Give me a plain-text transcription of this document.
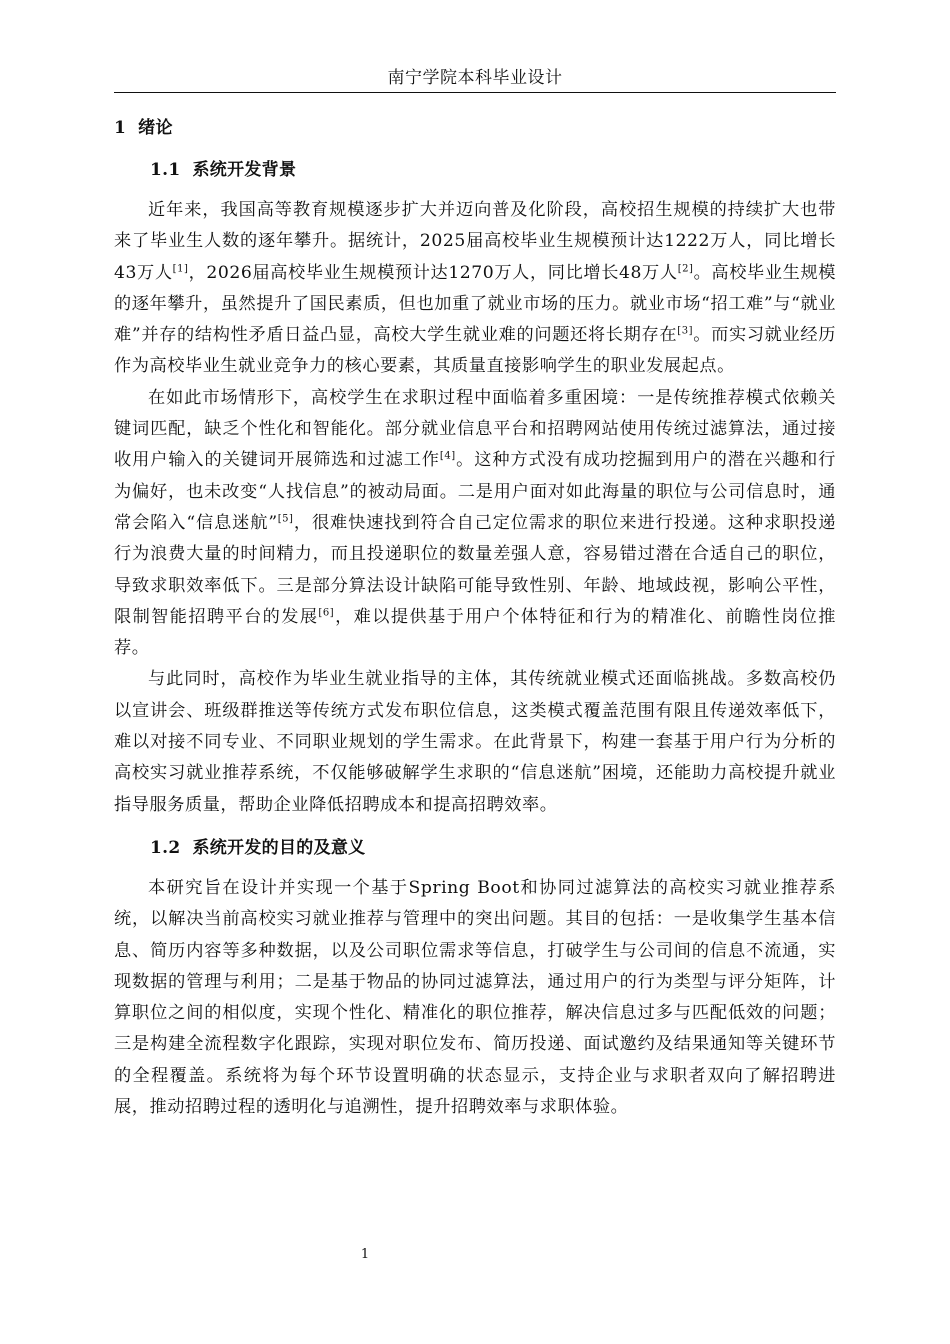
南宁学院本科毕业设计
1 绪论
1.1 系统开发背景

近年来，我国高等教育规模逐步扩大并迈向普及化阶段，高校招生规模的持续扩大也带来了毕业生人数的逐年攀升。据统计，2025届高校毕业生规模预计达1222万人，同比增长43万人[1]，2026届高校毕业生规模预计达1270万人，同比增长48万人[2]。高校毕业生规模的逐年攀升，虽然提升了国民素质，但也加重了就业市场的压力。就业市场“招工难”与“就业难”并存的结构性矛盾日益凸显，高校大学生就业难的问题还将长期存在[3]。而实习就业经历作为高校毕业生就业竞争力的核心要素，其质量直接影响学生的职业发展起点。

在如此市场情形下，高校学生在求职过程中面临着多重困境：一是传统推荐模式依赖关键词匹配，缺乏个性化和智能化。部分就业信息平台和招聘网站使用传统过滤算法，通过接收用户输入的关键词开展筛选和过滤工作[4]。这种方式没有成功挖掘到用户的潜在兴趣和行为偏好，也未改变“人找信息”的被动局面。二是用户面对如此海量的职位与公司信息时，通常会陷入“信息迷航”[5]，很难快速找到符合自己定位需求的职位来进行投递。这种求职投递行为浪费大量的时间精力，而且投递职位的数量差强人意，容易错过潜在合适自己的职位，导致求职效率低下。三是部分算法设计缺陷可能导致性别、年龄、地域歧视，影响公平性，限制智能招聘平台的发展[6]，难以提供基于用户个体特征和行为的精准化、前瞻性岗位推荐。

与此同时，高校作为毕业生就业指导的主体，其传统就业模式还面临挑战。多数高校仍以宣讲会、班级群推送等传统方式发布职位信息，这类模式覆盖范围有限且传递效率低下，难以对接不同专业、不同职业规划的学生需求。在此背景下，构建一套基于用户行为分析的高校实习就业推荐系统，不仅能够破解学生求职的“信息迷航”困境，还能助力高校提升就业指导服务质量，帮助企业降低招聘成本和提高招聘效率。

1.2 系统开发的目的及意义

本研究旨在设计并实现一个基于Spring Boot和协同过滤算法的高校实习就业推荐系统，以解决当前高校实习就业推荐与管理中的突出问题。其目的包括：一是收集学生基本信息、简历内容等多种数据，以及公司职位需求等信息，打破学生与公司间的信息不流通，实现数据的管理与利用；二是基于物品的协同过滤算法，通过用户的行为类型与评分矩阵，计算职位之间的相似度，实现个性化、精准化的职位推荐，解决信息过多与匹配低效的问题；三是构建全流程数字化跟踪，实现对职位发布、简历投递、面试邀约及结果通知等关键环节的全程覆盖。系统将为每个环节设置明确的状态显示，支持企业与求职者双向了解招聘进展，推动招聘过程的透明化与追溯性，提升招聘效率与求职体验。

1
